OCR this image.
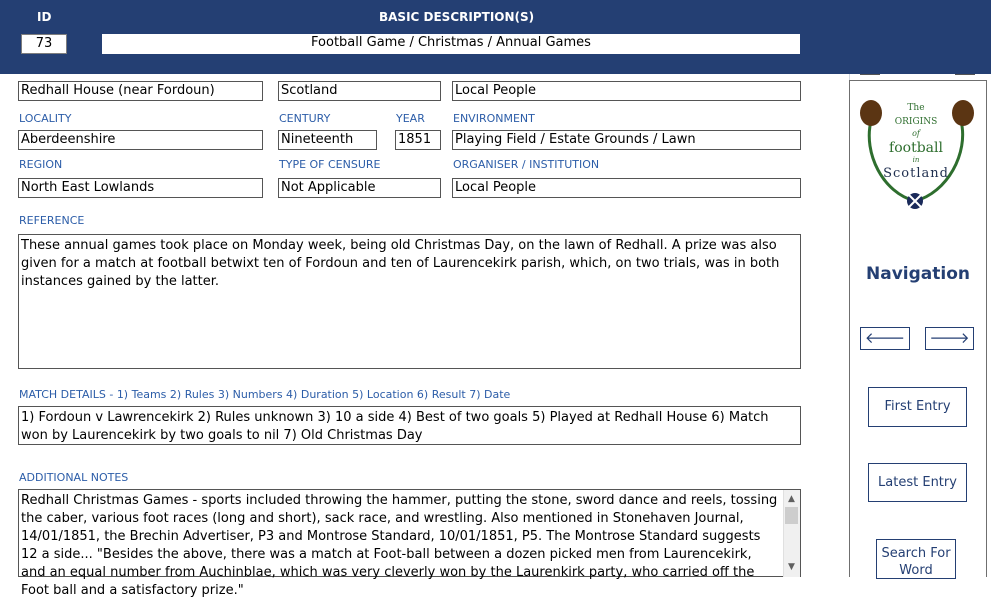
ID	BASIC DESCRIPTION(S)
73	Football Game / Christmas / Annual Games
Redhall House (near Fordoun)	Scotland	Local People
LOCALITY	CENTURY	YEAR	ENVIRONMENT
Aberdeenshire	Nineteenth	1851	Playing Field / Estate Grounds / Lawn
REGION	TYPE OF CENSURE	ORGANISER / INSTITUTION
North East Lowlands	Not Applicable	Local People
REFERENCE
These annual games took place on Monday week, being old Christmas Day, on the lawn of Redhall. A prize was also given for a match at football betwixt ten of Fordoun and ten of Laurencekirk parish, which, on two trials, was in both instances gained by the latter.
MATCH DETAILS - 1) Teams 2) Rules 3) Numbers 4) Duration 5) Location 6) Result 7) Date
1) Fordoun v Lawrencekirk 2) Rules unknown 3) 10 a side 4) Best of two goals 5) Played at Redhall House 6) Match won by Laurencekirk by two goals to nil 7) Old Christmas Day
ADDITIONAL NOTES
Redhall Christmas Games - sports included throwing the hammer, putting the stone, sword dance and reels, tossing the caber, various foot races (long and short), sack race, and wrestling. Also mentioned in Stonehaven Journal, 14/01/1851, the Brechin Advertiser, P3 and Montrose Standard, 10/01/1851, P5. The Montrose Standard suggests 12 a side... "Besides the above, there was a match at Foot-ball between a dozen picked men from Laurencekirk, and an equal number from Auchinblae, which was very cleverly won by the Laurenkirk party, who carried off the Foot ball and a satisfactory prize."
▲
▼
The
ORIGINS
of
football
in
Scotland
Navigation
🡐	🡒
First Entry
Latest Entry
Search For Word
